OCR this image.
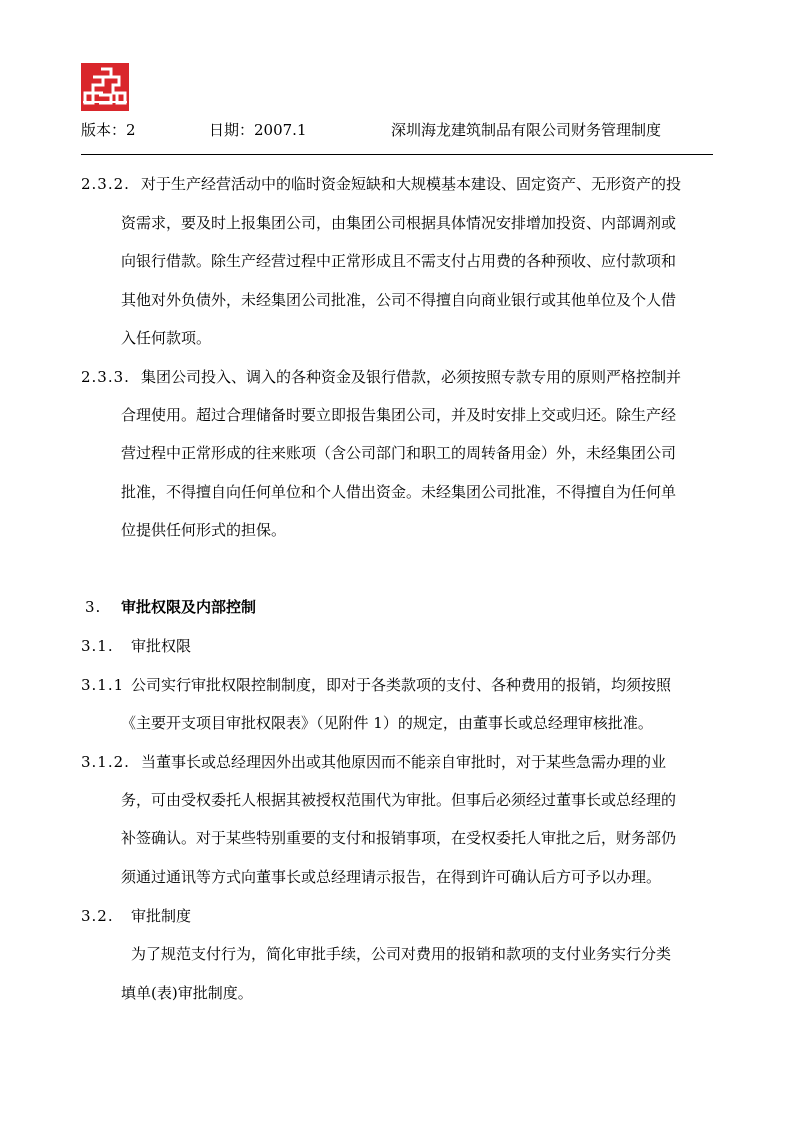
版本：2	日期：2007.1	深圳海龙建筑制品有限公司财务管理制度
2.3.2. 对于生产经营活动中的临时资金短缺和大规模基本建设、固定资产、无形资产的投
资需求，要及时上报集团公司，由集团公司根据具体情况安排增加投资、内部调剂或
向银行借款。除生产经营过程中正常形成且不需支付占用费的各种预收、应付款项和
其他对外负债外，未经集团公司批准，公司不得擅自向商业银行或其他单位及个人借
入任何款项。
2.3.3. 集团公司投入、调入的各种资金及银行借款，必须按照专款专用的原则严格控制并
合理使用。超过合理储备时要立即报告集团公司，并及时安排上交或归还。除生产经
营过程中正常形成的往来账项（含公司部门和职工的周转备用金）外，未经集团公司
批准，不得擅自向任何单位和个人借出资金。未经集团公司批准，不得擅自为任何单
位提供任何形式的担保。
3. 审批权限及内部控制
3.1. 审批权限
3.1.1 公司实行审批权限控制制度，即对于各类款项的支付、各种费用的报销，均须按照
《主要开支项目审批权限表》（见附件 1）的规定，由董事长或总经理审核批准。
3.1.2. 当董事长或总经理因外出或其他原因而不能亲自审批时，对于某些急需办理的业
务，可由受权委托人根据其被授权范围代为审批。但事后必须经过董事长或总经理的
补签确认。对于某些特别重要的支付和报销事项，在受权委托人审批之后，财务部仍
须通过通讯等方式向董事长或总经理请示报告，在得到许可确认后方可予以办理。
3.2. 审批制度
为了规范支付行为，简化审批手续，公司对费用的报销和款项的支付业务实行分类
填单(表)审批制度。
